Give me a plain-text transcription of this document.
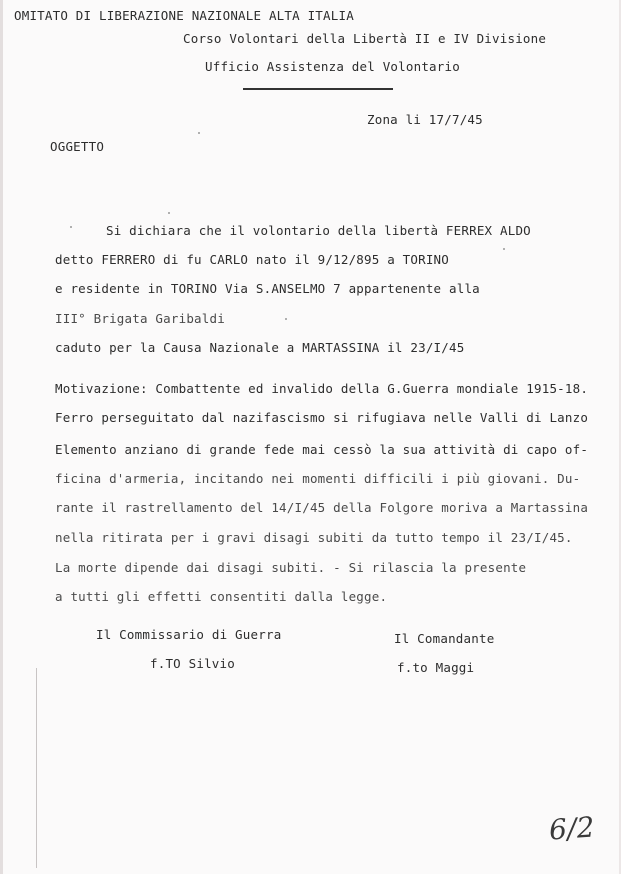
OMITATO DI LIBERAZIONE NAZIONALE ALTA ITALIA
Corso Volontari della Libertà II e IV Divisione
Ufficio Assistenza del Volontario
Zona li 17/7/45
OGGETTO
Si dichiara che il volontario della libertà FERREX ALDO
detto FERRERO di fu CARLO nato il 9/12/895 a TORINO
e residente in TORINO Via S.ANSELMO 7 appartenente alla
III° Brigata Garibaldi
caduto per la Causa Nazionale a MARTASSINA il 23/I/45
Motivazione: Combattente ed invalido della G.Guerra mondiale 1915-18.
Ferro perseguitato dal nazifascismo si rifugiava nelle Valli di Lanzo
Elemento anziano di grande fede mai cessò la sua attività di capo of-
ficina d'armeria, incitando nei momenti difficili i più giovani. Du-
rante il rastrellamento del 14/I/45 della Folgore moriva a Martassina
nella ritirata per i gravi disagi subiti da tutto tempo il 23/I/45.
La morte dipende dai disagi subiti. - Si rilascia la presente
a tutti gli effetti consentiti dalla legge.
Il Commissario di Guerra
f.TO Silvio
Il Comandante
f.to Maggi
6/2
